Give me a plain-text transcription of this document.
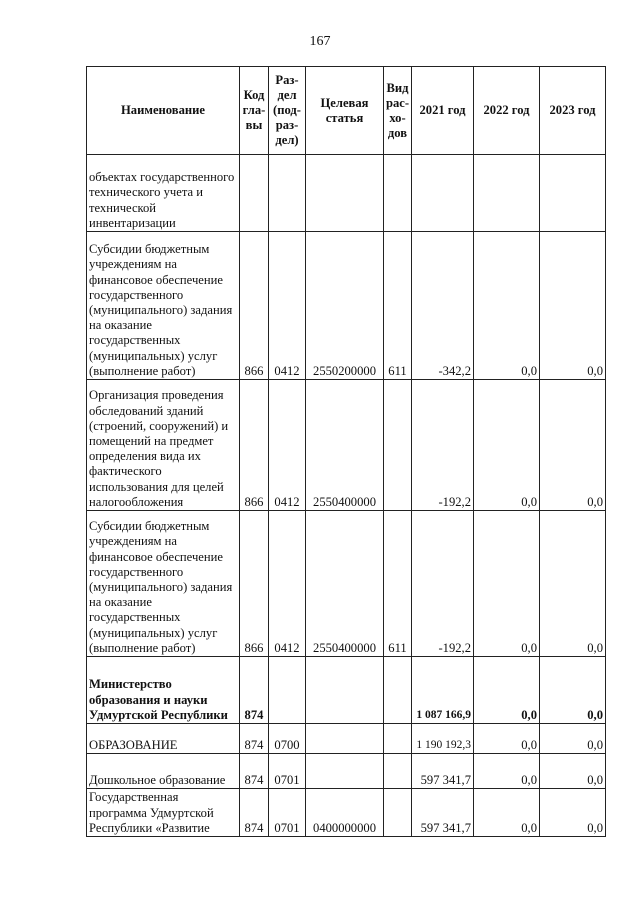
167
Наименование	Код гла- вы	Раз- дел (под- раз- дел)	Целевая статья	Вид рас- хо- дов	2021 год	2022 год	2023 год
объектах государственного технического учета и технической инвентаризации							
Субсидии бюджетным учреждениям на финансовое обеспечение государственного (муниципального) задания на оказание государственных (муниципальных) услуг (выполнение работ)	866	0412	2550200000	611	-342,2	0,0	0,0
Организация проведения обследований зданий (строений, сооружений) и помещений на предмет определения вида их фактического использования для целей налогообложения	866	0412	2550400000		-192,2	0,0	0,0
Субсидии бюджетным учреждениям на финансовое обеспечение государственного (муниципального) задания на оказание государственных (муниципальных) услуг (выполнение работ)	866	0412	2550400000	611	-192,2	0,0	0,0
Министерство образования и науки Удмуртской Республики	874				1 087 166,9	0,0	0,0
ОБРАЗОВАНИЕ	874	0700			1 190 192,3	0,0	0,0
Дошкольное образование	874	0701			597 341,7	0,0	0,0
Государственная программа Удмуртской Республики «Развитие	874	0701	0400000000		597 341,7	0,0	0,0
